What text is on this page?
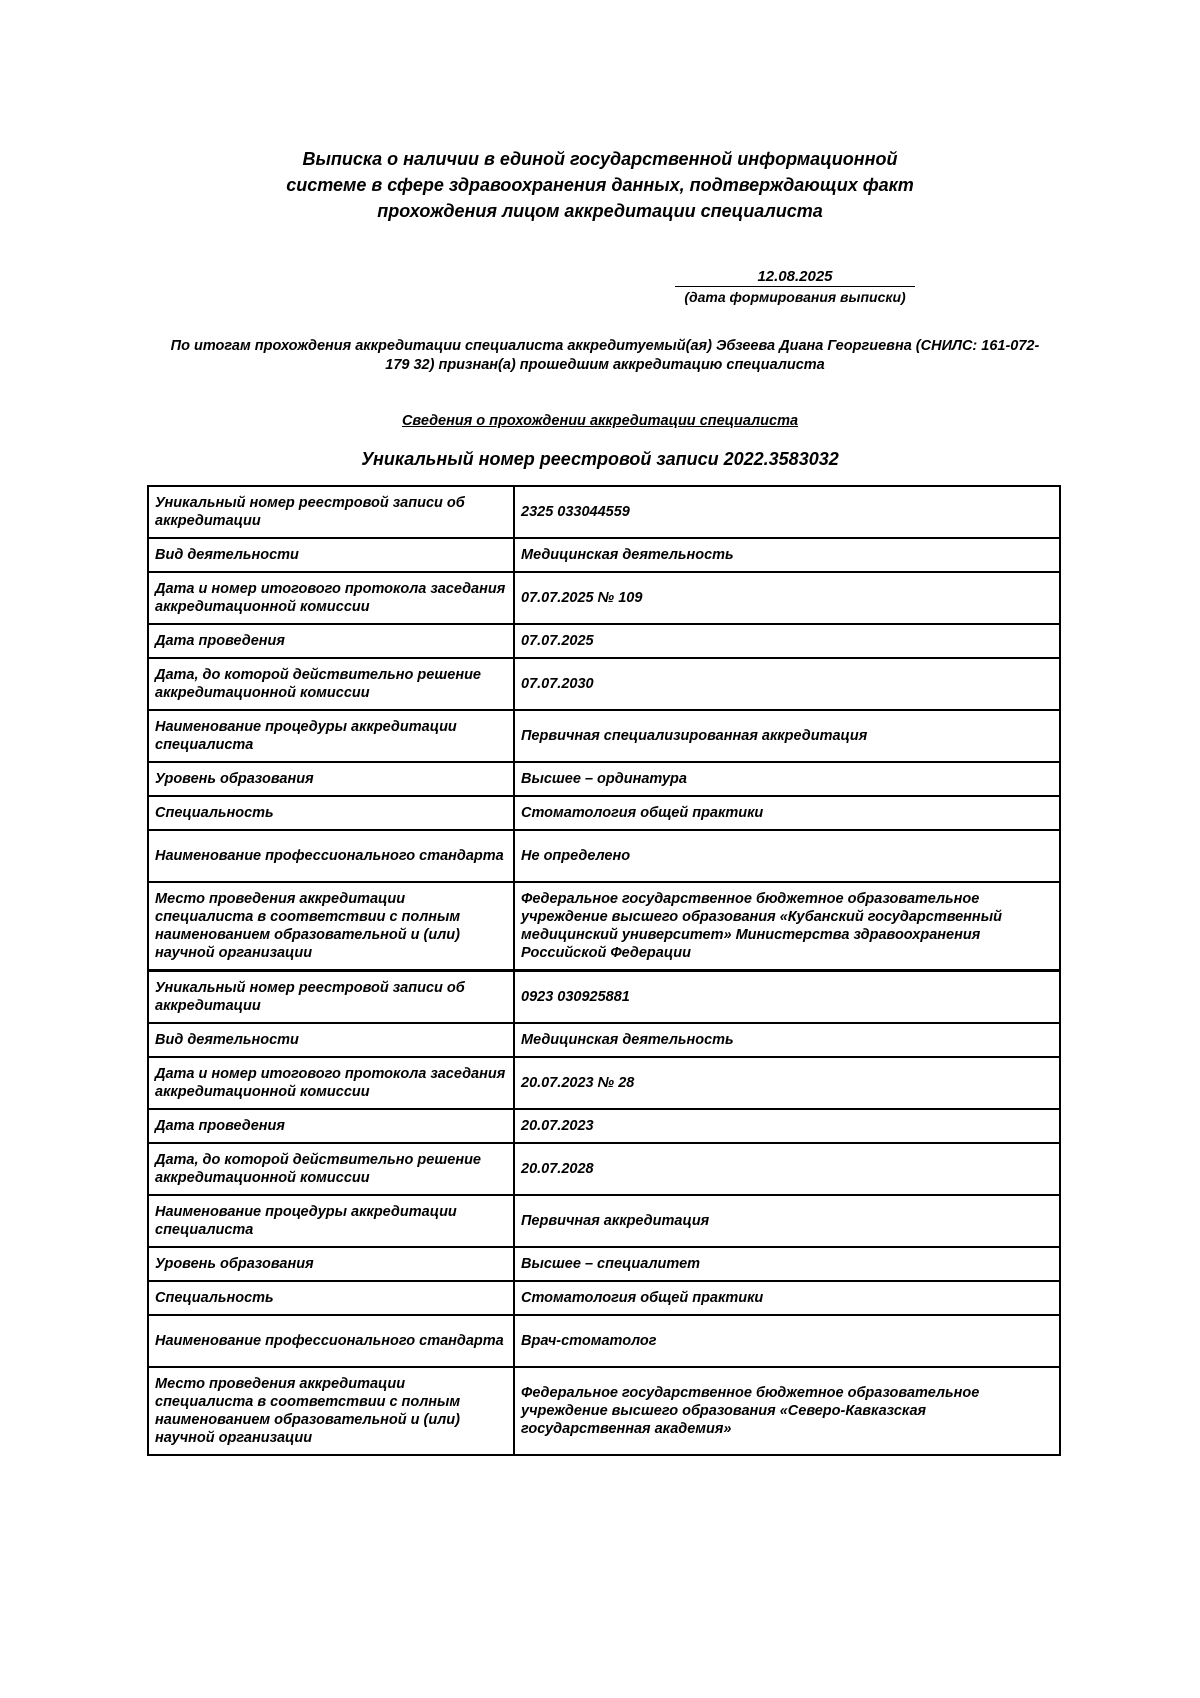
Выписка о наличии в единой государственной информационной
системе в сфере здравоохранения данных, подтверждающих факт
прохождения лицом аккредитации специалиста
12.08.2025
(дата формирования выписки)
По итогам прохождения аккредитации специалиста аккредитуемый(ая) Эбзеева Диана Георгиевна (СНИЛС: 161-072-
179 32) признан(а) прошедшим аккредитацию специалиста
Сведения о прохождении аккредитации специалиста
Уникальный номер реестровой записи 2022.3583032
Уникальный номер реестровой записи об аккредитации	2325 033044559
Вид деятельности	Медицинская деятельность
Дата и номер итогового протокола заседания аккредитационной комиссии	07.07.2025 № 109
Дата проведения	07.07.2025
Дата, до которой действительно решение аккредитационной комиссии	07.07.2030
Наименование процедуры аккредитации специалиста	Первичная специализированная аккредитация
Уровень образования	Высшее – ординатура
Специальность	Стоматология общей практики
Наименование профессионального стандарта	Не определено
Место проведения аккредитации специалиста в соответствии с полным наименованием образовательной и (или) научной организации	Федеральное государственное бюджетное образовательное учреждение высшего образования «Кубанский государственный медицинский университет» Министерства здравоохранения Российской Федерации
Уникальный номер реестровой записи об аккредитации	0923 030925881
Вид деятельности	Медицинская деятельность
Дата и номер итогового протокола заседания аккредитационной комиссии	20.07.2023 № 28
Дата проведения	20.07.2023
Дата, до которой действительно решение аккредитационной комиссии	20.07.2028
Наименование процедуры аккредитации специалиста	Первичная аккредитация
Уровень образования	Высшее – специалитет
Специальность	Стоматология общей практики
Наименование профессионального стандарта	Врач-стоматолог
Место проведения аккредитации специалиста в соответствии с полным наименованием образовательной и (или) научной организации	Федеральное государственное бюджетное образовательное учреждение высшего образования «Северо-Кавказская государственная академия»
